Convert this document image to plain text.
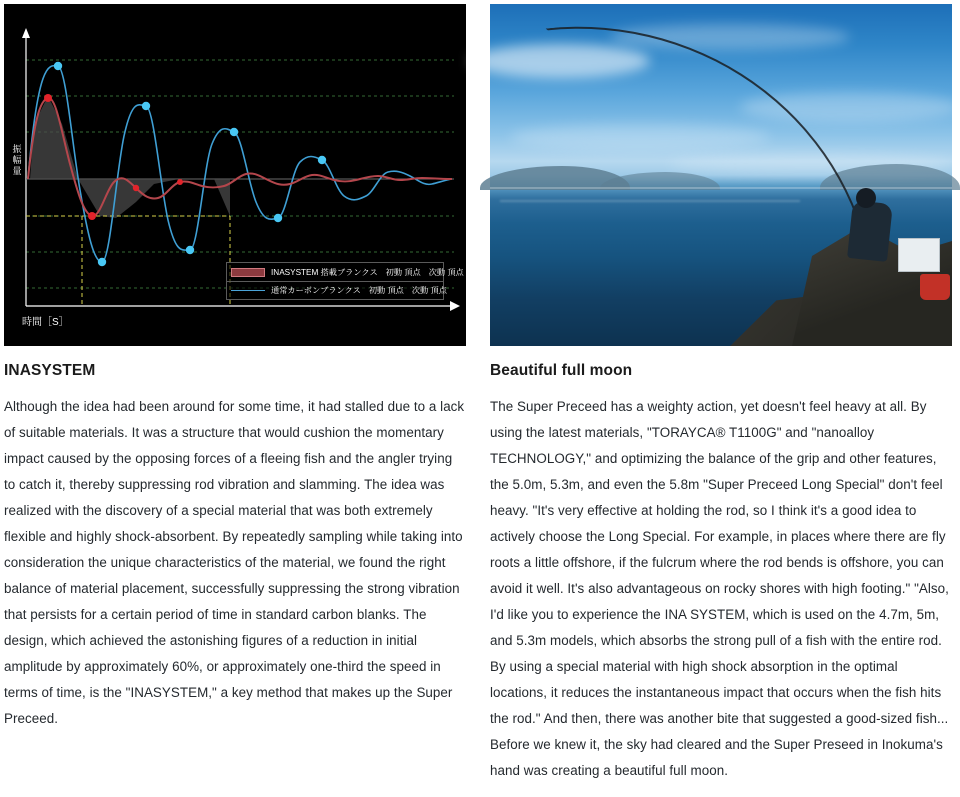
振幅量
時間［S］
INASYSTEM 搭載ブランクス 初動 頂点 次動 頂点
通常カーボンブランクス 初動 頂点 次動 頂点
INASYSTEM

Although the idea had been around for some time, it had stalled due to a lack of suitable materials. It was a structure that would cushion the momentary impact caused by the opposing forces of a fleeing fish and the angler trying to catch it, thereby suppressing rod vibration and slamming. The idea was realized with the discovery of a special material that was both extremely flexible and highly shock-absorbent. By repeatedly sampling while taking into consideration the unique characteristics of the material, we found the right balance of material placement, successfully suppressing the strong vibration that persists for a certain period of time in standard carbon blanks. The design, which achieved the astonishing figures of a reduction in initial amplitude by approximately 60%, or approximately one-third the speed in terms of time, is the "INASYSTEM," a key method that makes up the Super Preceed.

Beautiful full moon

The Super Preceed has a weighty action, yet doesn't feel heavy at all. By using the latest materials, "TORAYCA® T1100G" and "nanoalloy TECHNOLOGY," and optimizing the balance of the grip and other features, the 5.0m, 5.3m, and even the 5.8m "Super Preceed Long Special" don't feel heavy. "It's very effective at holding the rod, so I think it's a good idea to actively choose the Long Special. For example, in places where there are fly roots a little offshore, if the fulcrum where the rod bends is offshore, you can avoid it well. It's also advantageous on rocky shores with high footing." "Also, I'd like you to experience the INA SYSTEM, which is used on the 4.7m, 5m, and 5.3m models, which absorbs the strong pull of a fish with the entire rod. By using a special material with high shock absorption in the optimal locations, it reduces the instantaneous impact that occurs when the fish hits the rod." And then, there was another bite that suggested a good-sized fish... Before we knew it, the sky had cleared and the Super Preseed in Inokuma's hand was creating a beautiful full moon.
